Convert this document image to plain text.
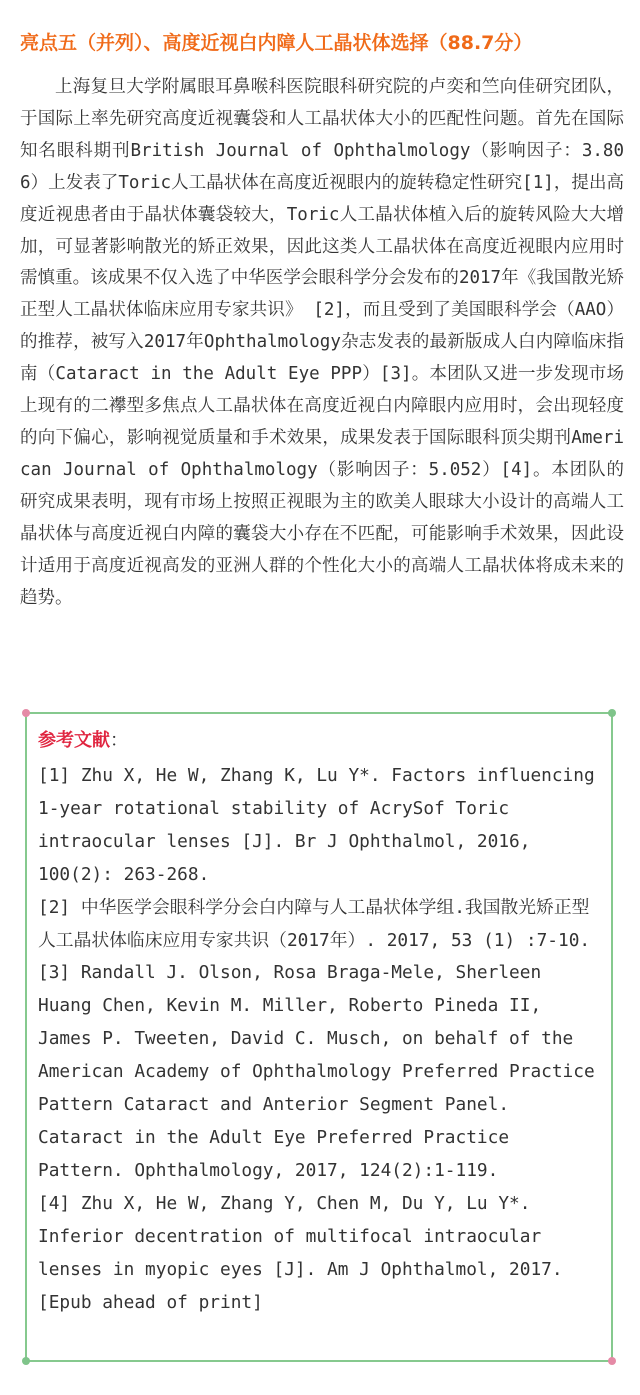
亮点五（并列）、高度近视白内障人工晶状体选择（88.7分）

上海复旦大学附属眼耳鼻喉科医院眼科研究院的卢奕和竺向佳研究团队，于国际上率先研究高度近视囊袋和人工晶状体大小的匹配性问题。首先在国际知名眼科期刊British Journal of Ophthalmology（影响因子：3.806）上发表了Toric人工晶状体在高度近视眼内的旋转稳定性研究[1]，提出高度近视患者由于晶状体囊袋较大，Toric人工晶状体植入后的旋转风险大大增加，可显著影响散光的矫正效果，因此这类人工晶状体在高度近视眼内应用时需慎重。该成果不仅入选了中华医学会眼科学分会发布的2017年《我国散光矫正型人工晶状体临床应用专家共识》 [2]，而且受到了美国眼科学会（AAO）的推荐，被写入2017年Ophthalmology杂志发表的最新版成人白内障临床指南（Cataract in the Adult Eye PPP）[3]。本团队又进一步发现市场上现有的二襻型多焦点人工晶状体在高度近视白内障眼内应用时，会出现轻度的向下偏心，影响视觉质量和手术效果，成果发表于国际眼科顶尖期刊American Journal of Ophthalmology（影响因子：5.052）[4]。本团队的研究成果表明，现有市场上按照正视眼为主的欧美人眼球大小设计的高端人工晶状体与高度近视白内障的囊袋大小存在不匹配，可能影响手术效果，因此设计适用于高度近视高发的亚洲人群的个性化大小的高端人工晶状体将成未来的趋势。

参考文献：
[1] Zhu X, He W, Zhang K, Lu Y*. Factors influencing 1-year rotational stability of AcrySof Toric intraocular lenses [J]. Br J Ophthalmol, 2016, 100(2): 263-268.
[2] 中华医学会眼科学分会白内障与人工晶状体学组.我国散光矫正型人工晶状体临床应用专家共识（2017年）. 2017, 53 (1) :7-10.
[3] Randall J. Olson, Rosa Braga-Mele, Sherleen Huang Chen, Kevin M. Miller, Roberto Pineda II, James P. Tweeten, David C. Musch, on behalf of the American Academy of Ophthalmology Preferred Practice Pattern Cataract and Anterior Segment Panel. Cataract in the Adult Eye Preferred Practice Pattern. Ophthalmology, 2017, 124(2):1-119.
[4] Zhu X, He W, Zhang Y, Chen M, Du Y, Lu Y*. Inferior decentration of multifocal intraocular lenses in myopic eyes [J]. Am J Ophthalmol, 2017. [Epub ahead of print]
